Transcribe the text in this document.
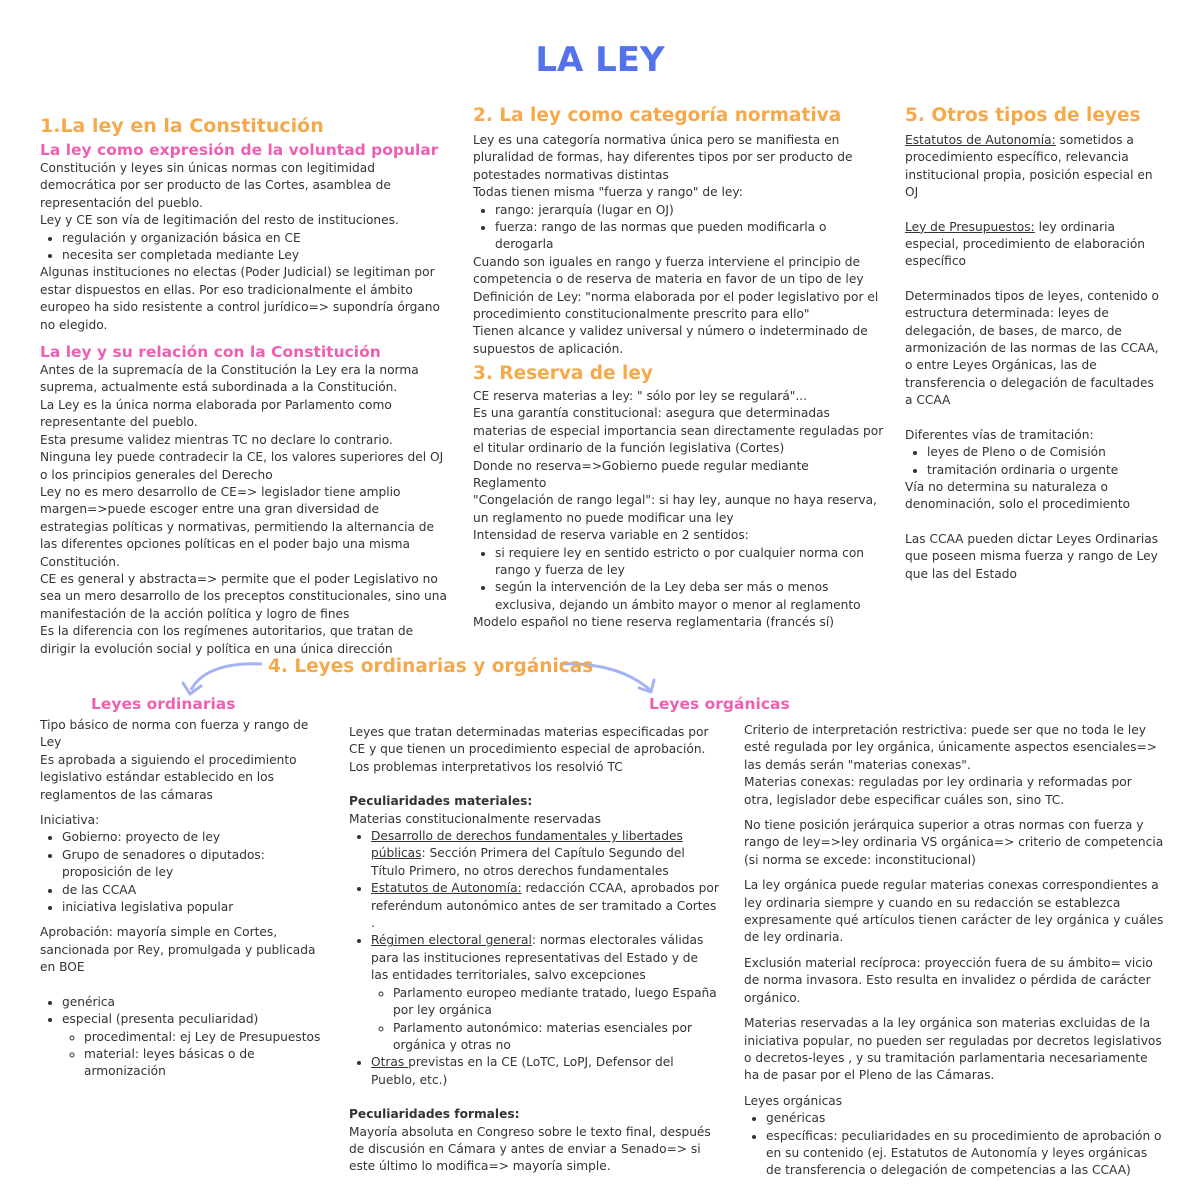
LA LEY
1.La ley en la Constitución
La ley como expresión de la voluntad popular

Constitución y leyes sin únicas normas con legitimidad democrática por ser producto de las Cortes, asamblea de representación del pueblo.

Ley y CE son vía de legitimación del resto de instituciones.

• regulación y organización básica en CE
• necesita ser completada mediante Ley

Algunas instituciones no electas (Poder Judicial) se legitiman por estar dispuestos en ellas. Por eso tradicionalmente el ámbito europeo ha sido resistente a control jurídico=> supondría órgano no elegido.

La ley y su relación con la Constitución

Antes de la supremacía de la Constitución la Ley era la norma suprema, actualmente está subordinada a la Constitución.

La Ley es la única norma elaborada por Parlamento como representante del pueblo.

Esta presume validez mientras TC no declare lo contrario.

Ninguna ley puede contradecir la CE, los valores superiores del OJ o los principios generales del Derecho

Ley no es mero desarrollo de CE=> legislador tiene amplio margen=>puede escoger entre una gran diversidad de estrategias políticas y normativas, permitiendo la alternancia de las diferentes opciones políticas en el poder bajo una misma Constitución.

CE es general y abstracta=> permite que el poder Legislativo no sea un mero desarrollo de los preceptos constitucionales, sino una manifestación de la acción política y logro de fines

Es la diferencia con los regímenes autoritarios, que tratan de dirigir la evolución social y política en una única dirección

2. La ley como categoría normativa

Ley es una categoría normativa única pero se manifiesta en pluralidad de formas, hay diferentes tipos por ser producto de potestades normativas distintas

Todas tienen misma "fuerza y rango" de ley:

• rango: jerarquía (lugar en OJ)
• fuerza: rango de las normas que pueden modificarla o derogarla

Cuando son iguales en rango y fuerza interviene el principio de competencia o de reserva de materia en favor de un tipo de ley

Definición de Ley: "norma elaborada por el poder legislativo por el procedimiento constitucionalmente prescrito para ello"

Tienen alcance y validez universal y número o indeterminado de supuestos de aplicación.

3. Reserva de ley

CE reserva materias a ley: " sólo por ley se regulará"...

Es una garantía constitucional: asegura que determinadas materias de especial importancia sean directamente reguladas por el titular ordinario de la función legislativa (Cortes)

Donde no reserva=>Gobierno puede regular mediante Reglamento

"Congelación de rango legal": si hay ley, aunque no haya reserva, un reglamento no puede modificar una ley

Intensidad de reserva variable en 2 sentidos:

• si requiere ley en sentido estricto o por cualquier norma con rango y fuerza de ley
• según la intervención de la Ley deba ser más o menos exclusiva, dejando un ámbito mayor o menor al reglamento

Modelo español no tiene reserva reglamentaria (francés sí)

5. Otros tipos de leyes

Estatutos de Autonomía: sometidos a procedimiento específico, relevancia institucional propia, posición especial en OJ

Ley de Presupuestos: ley ordinaria especial, procedimiento de elaboración específico

Determinados tipos de leyes, contenido o estructura determinada: leyes de delegación, de bases, de marco, de armonización de las normas de las CCAA, o entre Leyes Orgánicas, las de transferencia o delegación de facultades a CCAA

Diferentes vías de tramitación:

• leyes de Pleno o de Comisión
• tramitación ordinaria o urgente

Vía no determina su naturaleza o denominación, solo el procedimiento

Las CCAA pueden dictar Leyes Ordinarias que poseen misma fuerza y rango de Ley que las del Estado

4. Leyes ordinarias y orgánicas
Leyes ordinarias	Leyes orgánicas

Tipo básico de norma con fuerza y rango de Ley

Es aprobada a siguiendo el procedimiento legislativo estándar establecido en los reglamentos de las cámaras

Iniciativa:

• Gobierno: proyecto de ley
• Grupo de senadores o diputados: proposición de ley
• de las CCAA
• iniciativa legislativa popular

Aprobación: mayoría simple en Cortes, sancionada por Rey, promulgada y publicada en BOE

• genérica
• especial (presenta peculiaridad)
◦ procedimental: ej Ley de Presupuestos
◦ material: leyes básicas o de armonización

Leyes que tratan determinadas materias especificadas por CE y que tienen un procedimiento especial de aprobación.

Los problemas interpretativos los resolvió TC

Peculiaridades materiales:

Materias constitucionalmente reservadas

• Desarrollo de derechos fundamentales y libertades públicas: Sección Primera del Capítulo Segundo del Título Primero, no otros derechos fundamentales
• Estatutos de Autonomía: redacción CCAA, aprobados por referéndum autonómico antes de ser tramitado a Cortes .
• Régimen electoral general: normas electorales válidas para las instituciones representativas del Estado y de las entidades territoriales, salvo excepciones
◦ Parlamento europeo mediante tratado, luego España por ley orgánica
◦ Parlamento autonómico: materias esenciales por orgánica y otras no
• Otras previstas en la CE (LoTC, LoPJ, Defensor del Pueblo, etc.)

Peculiaridades formales:

Mayoría absoluta en Congreso sobre le texto final, después de discusión en Cámara y antes de enviar a Senado=> si este último lo modifica=> mayoría simple.

Criterio de interpretación restrictiva: puede ser que no toda le ley esté regulada por ley orgánica, únicamente aspectos esenciales=> las demás serán "materias conexas".

Materias conexas: reguladas por ley ordinaria y reformadas por otra, legislador debe especificar cuáles son, sino TC.

No tiene posición jerárquica superior a otras normas con fuerza y rango de ley=>ley ordinaria VS orgánica=> criterio de competencia (si norma se excede: inconstitucional)

La ley orgánica puede regular materias conexas correspondientes a ley ordinaria siempre y cuando en su redacción se establezca expresamente qué artículos tienen carácter de ley orgánica y cuáles de ley ordinaria.

Exclusión material recíproca: proyección fuera de su ámbito= vicio de norma invasora. Esto resulta en invalidez o pérdida de carácter orgánico.

Materias reservadas a la ley orgánica son materias excluidas de la iniciativa popular, no pueden ser reguladas por decretos legislativos o decretos-leyes , y su tramitación parlamentaria necesariamente ha de pasar por el Pleno de las Cámaras.

Leyes orgánicas

• genéricas
• específicas: peculiaridades en su procedimiento de aprobación o en su contenido (ej. Estatutos de Autonomía y leyes orgánicas de transferencia o delegación de competencias a las CCAA)
